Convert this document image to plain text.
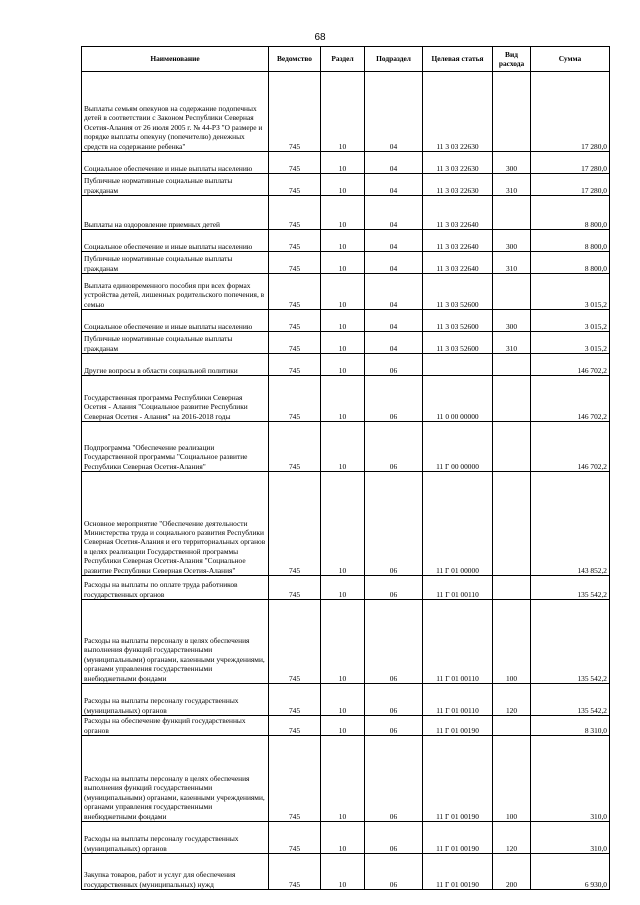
68
Наименование	Ведомство	Раздел	Подраздел	Целевая статья	Вид расхода	Сумма
Выплаты семьям опекунов на содержание подопечных детей в соответствии с Законом Республики Северная Осетия-Алания от 26 июля 2005 г. № 44-РЗ "О размере и порядке выплаты опекуну (попечителю) денежных средств на содержание ребенка"	745	10	04	11 3 03 22630		17 280,0
Социальное обеспечение и иные выплаты населению	745	10	04	11 3 03 22630	300	17 280,0
Публичные нормативные социальные выплаты гражданам	745	10	04	11 3 03 22630	310	17 280,0
Выплаты на оздоровление приемных детей	745	10	04	11 3 03 22640		8 800,0
Социальное обеспечение и иные выплаты населению	745	10	04	11 3 03 22640	300	8 800,0
Публичные нормативные социальные выплаты гражданам	745	10	04	11 3 03 22640	310	8 800,0
Выплата единовременного пособия при всех формах устройства детей, лишенных родительского попечения, в семью	745	10	04	11 3 03 52600		3 015,2
Социальное обеспечение и иные выплаты населению	745	10	04	11 3 03 52600	300	3 015,2
Публичные нормативные социальные выплаты гражданам	745	10	04	11 3 03 52600	310	3 015,2
Другие вопросы в области социальной политики	745	10	06			146 702,2
Государственная программа Республики Северная Осетия - Алания "Социальное развитие Республики Северная Осетия - Алания" на 2016-2018 годы	745	10	06	11 0 00 00000		146 702,2
Подпрограмма "Обеспечение реализации Государственной программы "Социальное развитие Республики Северная Осетия-Алания"	745	10	06	11 Г 00 00000		146 702,2
Основное мероприятие "Обеспечение деятельности Министерства труда и социального развития Республики Северная Осетия-Алания и его территориальных органов в целях реализации Государственной программы Республики Северная Осетия-Алания "Социальное развитие Республики Северная Осетия-Алания"	745	10	06	11 Г 01 00000		143 852,2
Расходы на выплаты по оплате труда работников государственных органов	745	10	06	11 Г 01 00110		135 542,2
Расходы на выплаты персоналу в целях обеспечения выполнения функций государственными (муниципальными) органами, казенными учреждениями, органами управления государственными внебюджетными фондами	745	10	06	11 Г 01 00110	100	135 542,2
Расходы на выплаты персоналу государственных (муниципальных) органов	745	10	06	11 Г 01 00110	120	135 542,2
Расходы на обеспечение функций государственных органов	745	10	06	11 Г 01 00190		8 310,0
Расходы на выплаты персоналу в целях обеспечения выполнения функций государственными (муниципальными) органами, казенными учреждениями, органами управления государственными внебюджетными фондами	745	10	06	11 Г 01 00190	100	310,0
Расходы на выплаты персоналу государственных (муниципальных) органов	745	10	06	11 Г 01 00190	120	310,0
Закупка товаров, работ и услуг для обеспечения государственных (муниципальных) нужд	745	10	06	11 Г 01 00190	200	6 930,0
